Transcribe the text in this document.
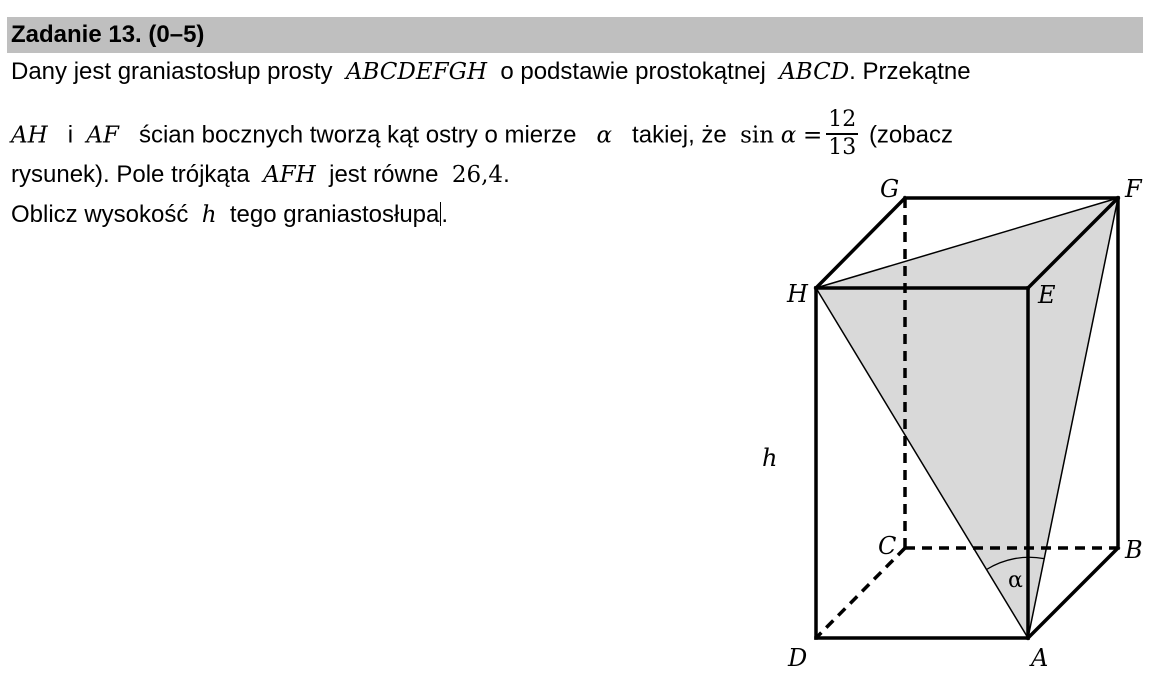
Zadanie 13. (0–5)
Dany jest graniastosłup prosty ABCDEFGH o podstawie prostokątnej ABCD. Przekątne
AH i AF ścian bocznych tworzą kąt ostry o mierze α takiej, że $\sin \alpha = \frac{12}{13}$ (zobacz
rysunek). Pole trójkąta AFH jest równe 26,4.
Oblicz wysokość h tego graniastosłupa.
G	F
H	E
C	B
D	A
h
α
